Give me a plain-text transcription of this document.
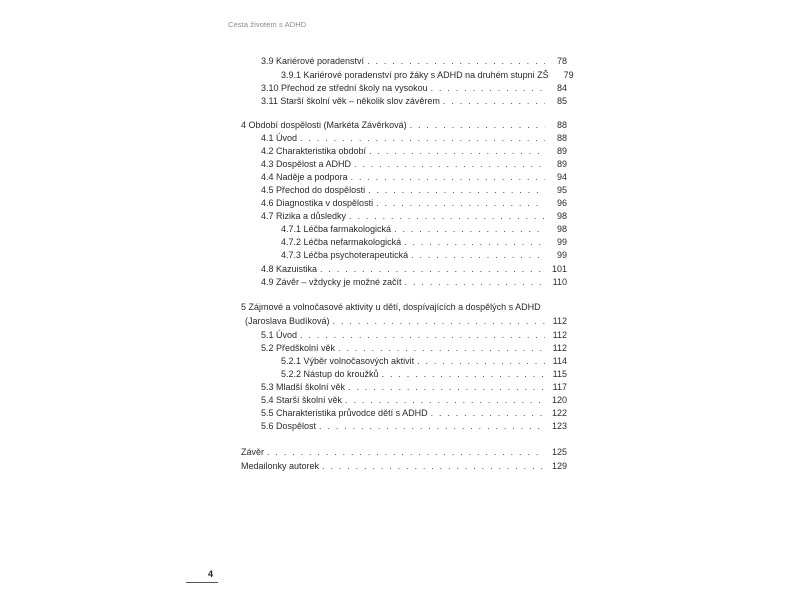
Cesta životem s ADHD
3.9 Kariérové poradenství . . .	78
3.9.1 Kariérové poradenství pro žáky s ADHD na druhém stupni ZŠ	79
3.10 Přechod ze střední školy na vysokou . . .	84
3.11 Starší školní věk – několik slov závěrem . . .	85
4 Období dospělosti (Markéta Závěrková) . . .	88
4.1 Úvod . . .	88
4.2 Charakteristika období . . .	89
4.3 Dospělost a ADHD . . .	89
4.4 Naděje a podpora . . .	94
4.5 Přechod do dospělosti . . .	95
4.6 Diagnostika v dospělosti . . .	96
4.7 Rizika a důsledky . . .	98
4.7.1 Léčba farmakologická . . .	98
4.7.2 Léčba nefarmakologická . . .	99
4.7.3 Léčba psychoterapeutická . . .	99
4.8 Kazuistika . . .	101
4.9 Závěr – vždycky je možné začít . . .	110
5 Zájmové a volnočasové aktivity u dětí, dospívajících a dospělých s ADHD
(Jaroslava Budíková) . . .	112
5.1 Úvod . . .	112
5.2 Předškolní věk . . .	112
5.2.1 Výběr volnočasových aktivit . . .	114
5.2.2 Nástup do kroužků . . .	115
5.3 Mladší školní věk . . .	117
5.4 Starší školní věk . . .	120
5.5 Charakteristika průvodce dětí s ADHD . . .	122
5.6 Dospělost . . .	123
Závěr . . .	125
Medailonky autorek . . .	129
4
